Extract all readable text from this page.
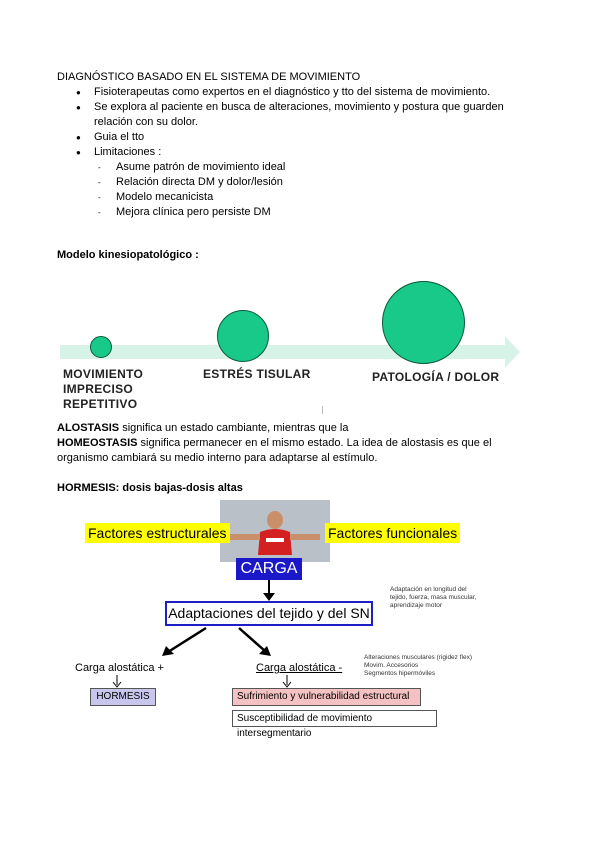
DIAGNÓSTICO BASADO EN EL SISTEMA DE MOVIMIENTO
● Fisioterapeutas como expertos en el diagnóstico y tto del sistema de movimiento.
● Se explora al paciente en busca de alteraciones, movimiento y postura que guarden relación con su dolor.
● Guia el tto
● Limitaciones :
- Asume patrón de movimiento ideal
- Relación directa DM y dolor/lesión
- Modelo mecanicista
- Mejora clínica pero persiste DM
Modelo kinesiopatológico :
MOVIMIENTO
IMPRECISO
REPETITIVO
ESTRÉS TISULAR	PATOLOGÍA / DOLOR
ALOSTASIS significa un estado cambiante, mientras que la
HOMEOSTASIS significa permanecer en el mismo estado. La idea de alostasis es que el organismo cambiará su medio interno para adaptarse al estímulo.
HORMESIS: dosis bajas-dosis altas
Factores estructurales	Factores funcionales
CARGA
Adaptaciones del tejido y del SN
Adaptación en longitud del tejido, fuerza, masa muscular, aprendizaje motor
Carga alostática +	Carga alostática -
Alteraciones musculares (rigidez flex)
Movim. Accesorios
Segmentos hipermóviles
HORMESIS	Sufrimiento y vulnerabilidad estructural
Susceptibilidad de movimiento intersegmentario
